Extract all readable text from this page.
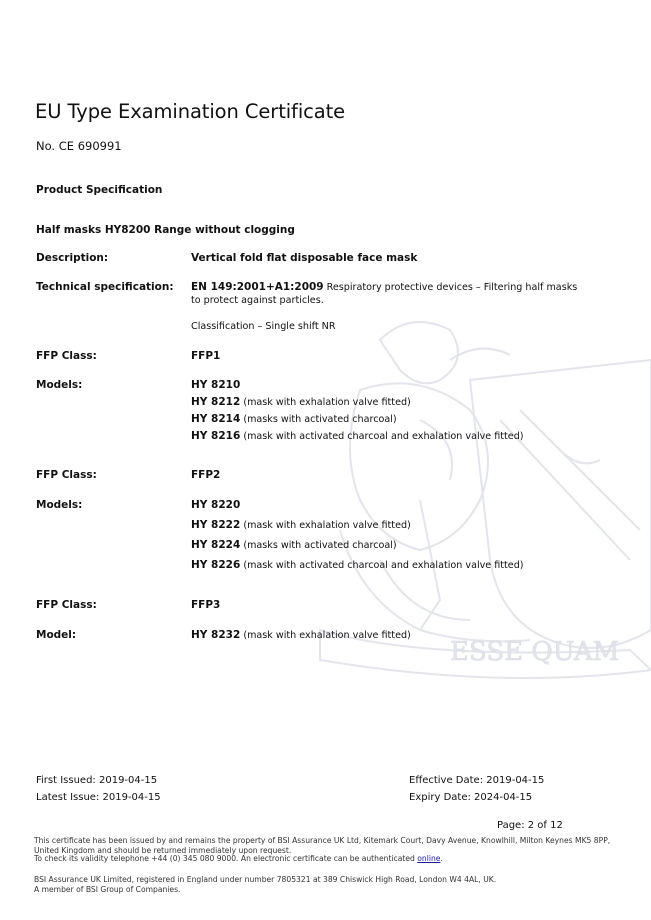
ESSE QUAM
EU Type Examination Certificate
No. CE 690991
Product Specification
Half masks HY8200 Range without clogging
Description:	Vertical fold flat disposable face mask
Technical specification: EN 149:2001+A1:2009 Respiratory protective devices – Filtering half masks
to protect against particles.
Classification – Single shift NR
FFP Class:	FFP1
Models:	HY 8210
HY 8212 (mask with exhalation valve fitted)
HY 8214 (masks with activated charcoal)
HY 8216 (mask with activated charcoal and exhalation valve fitted)
FFP Class:	FFP2
Models:	HY 8220
HY 8222 (mask with exhalation valve fitted)
HY 8224 (masks with activated charcoal)
HY 8226 (mask with activated charcoal and exhalation valve fitted)
FFP Class:	FFP3
Model:	HY 8232 (mask with exhalation valve fitted)
First Issued: 2019-04-15
Latest Issue: 2019-04-15
Effective Date: 2019-04-15
Expiry Date: 2024-04-15
Page: 2 of 12
This certificate has been issued by and remains the property of BSI Assurance UK Ltd, Kitemark Court, Davy Avenue, Knowlhill, Milton Keynes MK5 8PP, United Kingdom and should be returned immediately upon request.
To check its validity telephone +44 (0) 345 080 9000. An electronic certificate can be authenticated online.
BSI Assurance UK Limited, registered in England under number 7805321 at 389 Chiswick High Road, London W4 4AL, UK.
A member of BSI Group of Companies.
